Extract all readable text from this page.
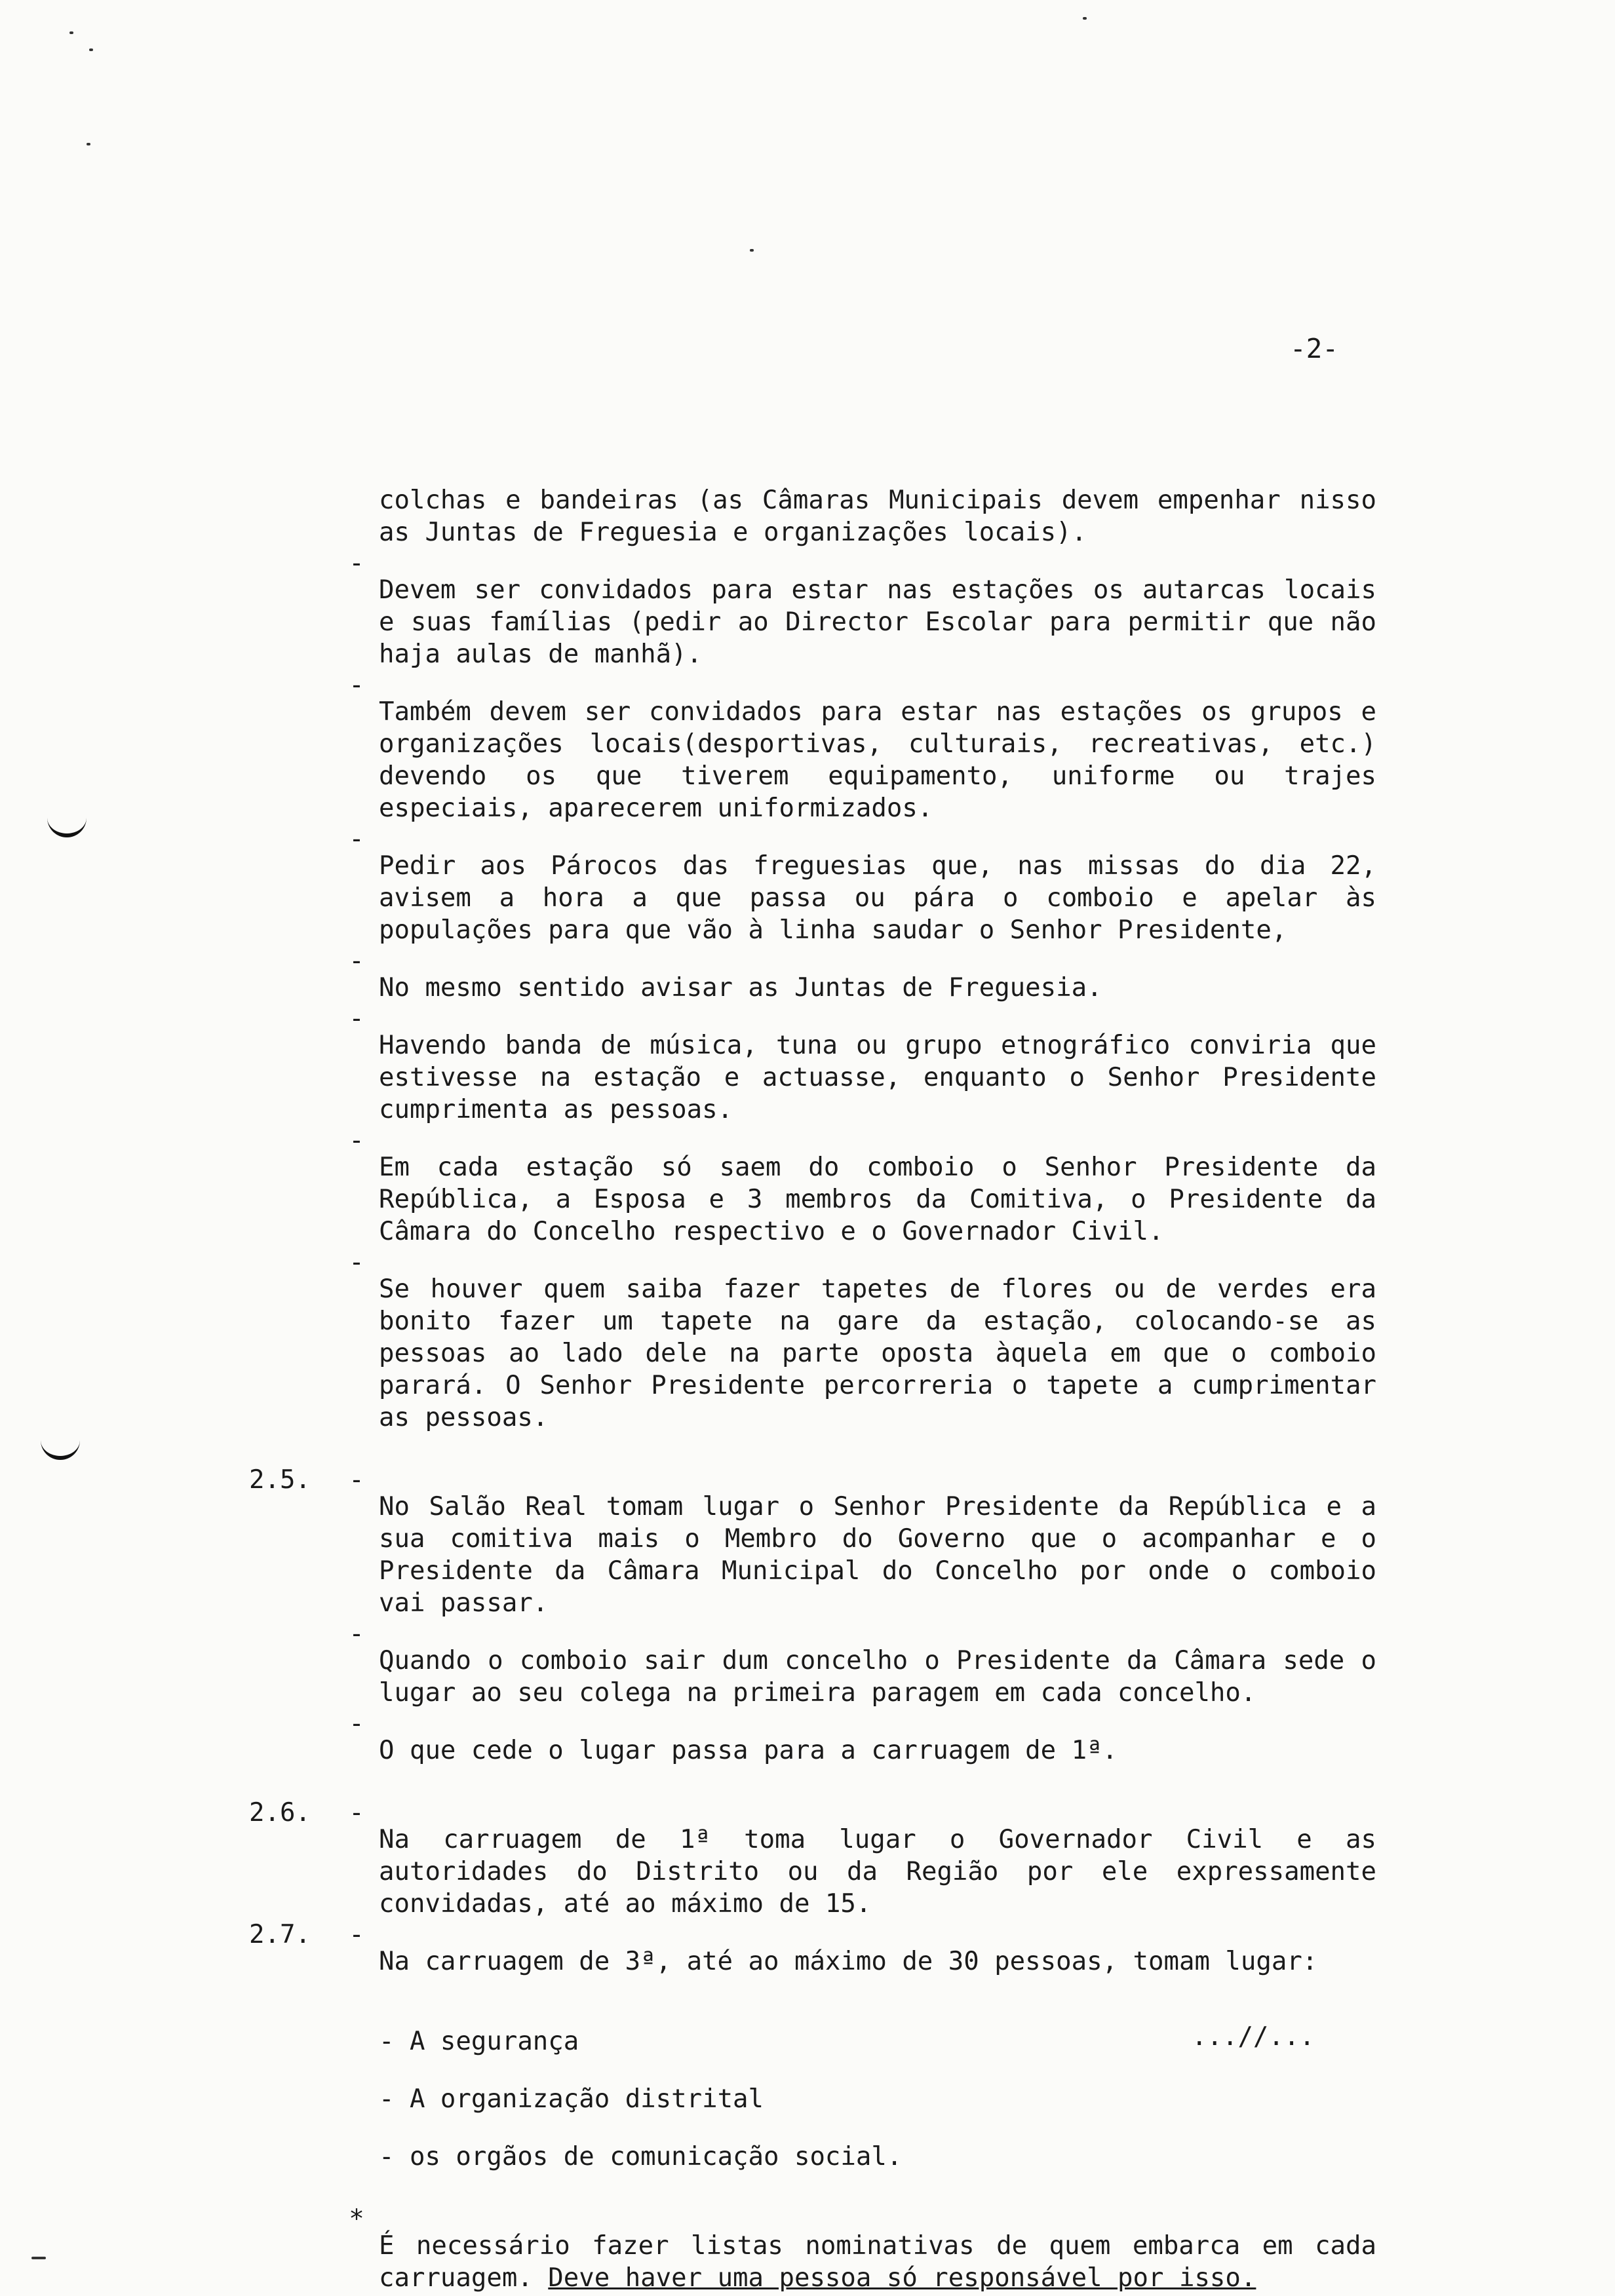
-2-

colchas e bandeiras (as Câmaras Municipais devem empenhar nisso as Juntas de Freguesia e organizações locais).

-

Devem ser convidados para estar nas estações os autarcas locais e suas famílias (pedir ao Director Escolar para permitir que não haja aulas de manhã).

-

Também devem ser convidados para estar nas estações os grupos e organizações locais(desportivas, culturais, recreativas, etc.) devendo os que tiverem equipamento, uniforme ou trajes especiais, aparecerem uniformizados.

-

Pedir aos Párocos das freguesias que, nas missas do dia 22, avisem a hora a que passa ou pára o comboio e apelar às populações para que vão à linha saudar o Senhor Presidente,

-

No mesmo sentido avisar as Juntas de Freguesia.

-

Havendo banda de música, tuna ou grupo etnográfico conviria que estivesse na estação e actuasse, enquanto o Senhor Presidente cumprimenta as pessoas.

-

Em cada estação só saem do comboio o Senhor Presidente da República, a Esposa e 3 membros da Comitiva, o Presidente da Câmara do Concelho respectivo e o Governador Civil.

-

Se houver quem saiba fazer tapetes de flores ou de verdes era bonito fazer um tapete na gare da estação, colocando-se as pessoas ao lado dele na parte oposta àquela em que o comboio parará. O Senhor Presidente percorreria o tapete a cumprimentar as pessoas.

2.5.	-

No Salão Real tomam lugar o Senhor Presidente da República e a sua comitiva mais o Membro do Governo que o acompanhar e o Presidente da Câmara Municipal do Concelho por onde o comboio vai passar.

-

Quando o comboio sair dum concelho o Presidente da Câmara sede o lugar ao seu colega na primeira paragem em cada concelho.

-

O que cede o lugar passa para a carruagem de 1ª.

2.6.	-

Na carruagem de 1ª toma lugar o Governador Civil e as autoridades do Distrito ou da Região por ele expressamente convidadas, até ao máximo de 15.

2.7.	-

Na carruagem de 3ª, até ao máximo de 30 pessoas, tomam lugar:

- A segurança

- A organização distrital

- os orgãos de comunicação social.

*

É necessário fazer listas nominativas de quem embarca em cada carruagem. Deve haver uma pessoa só responsável por isso.

...//...
